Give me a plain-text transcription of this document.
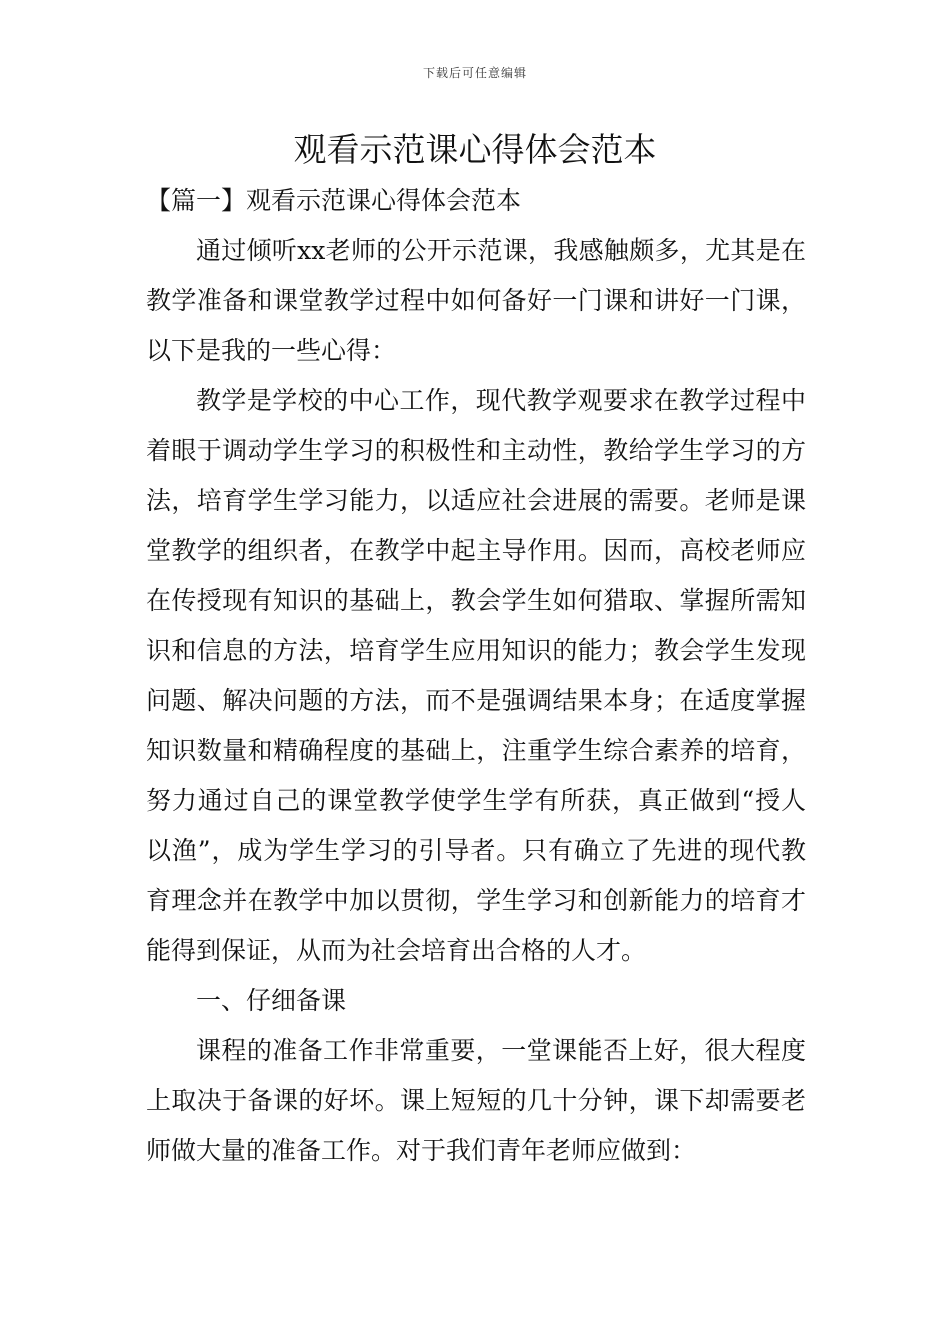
下载后可任意编辑
观看示范课心得体会范本

【篇一】观看示范课心得体会范本

通过倾听xx老师的公开示范课，我感触颇多，尤其是在教学准备和课堂教学过程中如何备好一门课和讲好一门课，以下是我的一些心得：

教学是学校的中心工作，现代教学观要求在教学过程中着眼于调动学生学习的积极性和主动性，教给学生学习的方法，培育学生学习能力，以适应社会进展的需要。老师是课堂教学的组织者，在教学中起主导作用。因而，高校老师应在传授现有知识的基础上，教会学生如何猎取、掌握所需知识和信息的方法，培育学生应用知识的能力；教会学生发现问题、解决问题的方法，而不是强调结果本身；在适度掌握知识数量和精确程度的基础上，注重学生综合素养的培育，努力通过自己的课堂教学使学生学有所获，真正做到“授人以渔”，成为学生学习的引导者。只有确立了先进的现代教育理念并在教学中加以贯彻，学生学习和创新能力的培育才能得到保证，从而为社会培育出合格的人才。

一、仔细备课

课程的准备工作非常重要，一堂课能否上好，很大程度上取决于备课的好坏。课上短短的几十分钟，课下却需要老师做大量的准备工作。对于我们青年老师应做到：
